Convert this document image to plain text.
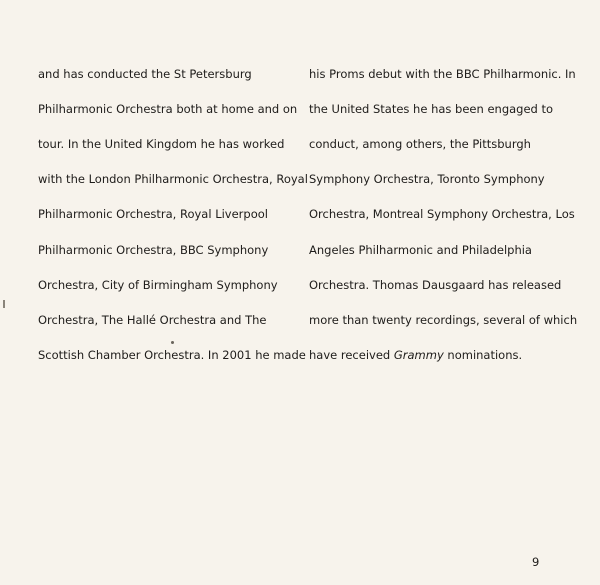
and has conducted the St Petersburg

Philharmonic Orchestra both at home and on

tour. In the United Kingdom he has worked

with the London Philharmonic Orchestra, Royal

Philharmonic Orchestra, Royal Liverpool

Philharmonic Orchestra, BBC Symphony

Orchestra, City of Birmingham Symphony

Orchestra, The Hallé Orchestra and The

Scottish Chamber Orchestra. In 2001 he made

his Proms debut with the BBC Philharmonic. In

the United States he has been engaged to

conduct, among others, the Pittsburgh

Symphony Orchestra, Toronto Symphony

Orchestra, Montreal Symphony Orchestra, Los

Angeles Philharmonic and Philadelphia

Orchestra. Thomas Dausgaard has released

more than twenty recordings, several of which

have received Grammy nominations.

9
